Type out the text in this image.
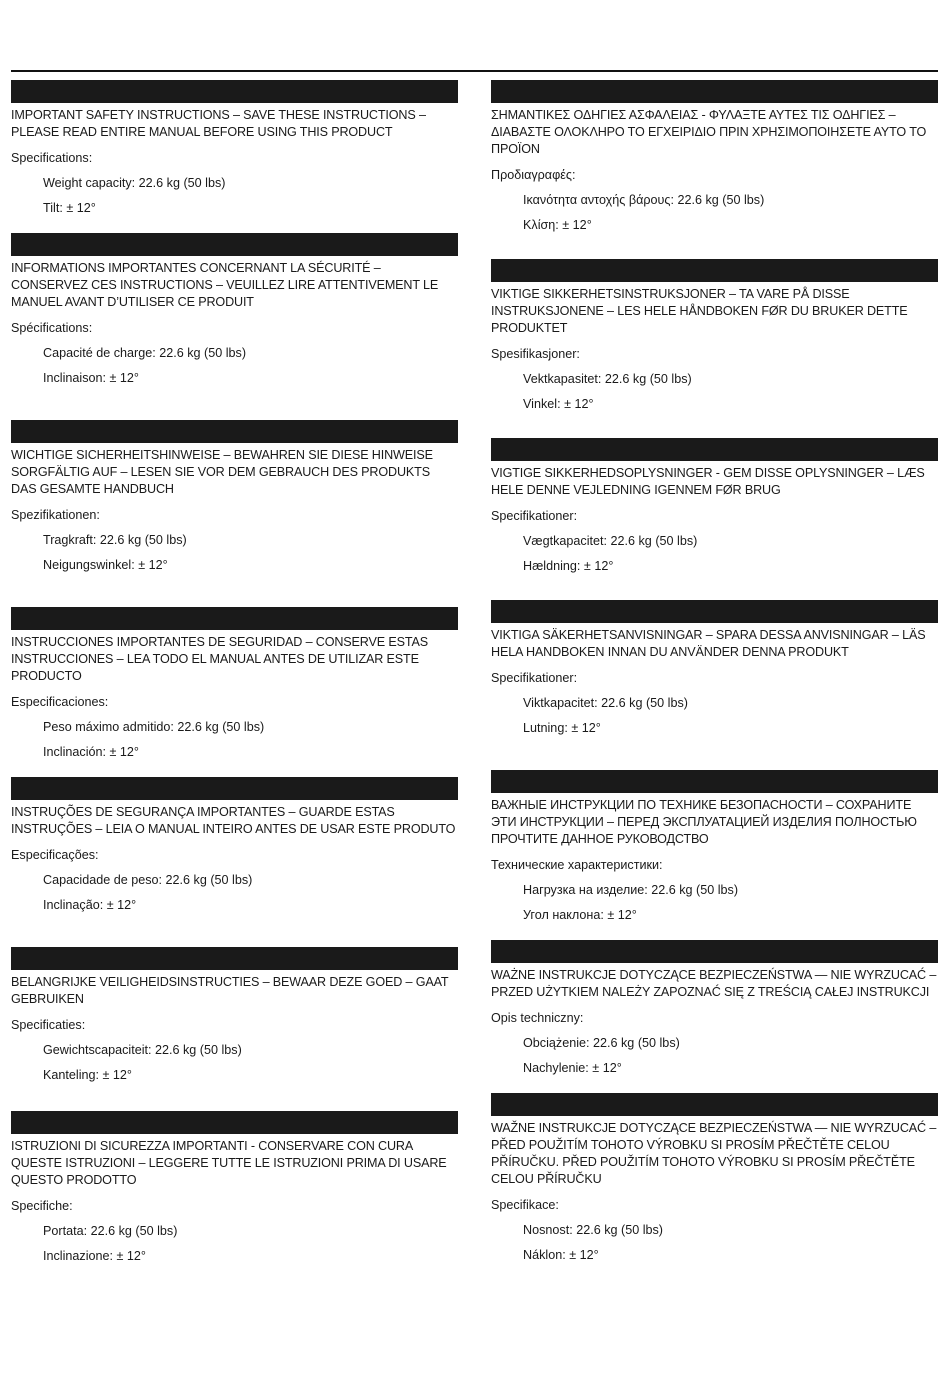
IMPORTANT SAFETY INSTRUCTIONS – SAVE THESE INSTRUCTIONS – PLEASE READ ENTIRE MANUAL BEFORE USING THIS PRODUCT

Specifications:

Weight capacity: 22.6 kg (50 lbs)

Tilt: ± 12°

INFORMATIONS IMPORTANTES CONCERNANT LA SÉCURITÉ – CONSERVEZ CES INSTRUCTIONS – VEUILLEZ LIRE ATTENTIVEMENT LE MANUEL AVANT D’UTILISER CE PRODUIT

Spécifications:

Capacité de charge: 22.6 kg (50 lbs)

Inclinaison: ± 12°

WICHTIGE SICHERHEITSHINWEISE – BEWAHREN SIE DIESE HINWEISE SORGFÄLTIG AUF – LESEN SIE VOR DEM GEBRAUCH DES PRODUKTS DAS GESAMTE HANDBUCH

Spezifikationen:

Tragkraft: 22.6 kg (50 lbs)

Neigungswinkel: ± 12°

INSTRUCCIONES IMPORTANTES DE SEGURIDAD – CONSERVE ESTAS INSTRUCCIONES – LEA TODO EL MANUAL ANTES DE UTILIZAR ESTE PRODUCTO

Especificaciones:

Peso máximo admitido: 22.6 kg (50 lbs)

Inclinación: ± 12°

INSTRUÇÕES DE SEGURANÇA IMPORTANTES – GUARDE ESTAS INSTRUÇÕES – LEIA O MANUAL INTEIRO ANTES DE USAR ESTE PRODUTO

Especificações:

Capacidade de peso: 22.6 kg (50 lbs)

Inclinação: ± 12°

BELANGRIJKE VEILIGHEIDSINSTRUCTIES – BEWAAR DEZE GOED – GAAT GEBRUIKEN

Specificaties:

Gewichtscapaciteit: 22.6 kg (50 lbs)

Kanteling: ± 12°

ISTRUZIONI DI SICUREZZA IMPORTANTI - CONSERVARE CON CURA QUESTE ISTRUZIONI – LEGGERE TUTTE LE ISTRUZIONI PRIMA DI USARE QUESTO PRODOTTO

Specifiche:

Portata: 22.6 kg (50 lbs)

Inclinazione: ± 12°

ΣΗΜΑΝΤΙΚΕΣ ΟΔΗΓΙΕΣ ΑΣΦΑΛΕΙΑΣ - ΦΥΛΑΞΤΕ ΑΥΤΕΣ ΤΙΣ ΟΔΗΓΙΕΣ – ΔΙΑΒΑΣΤΕ ΟΛΟΚΛΗΡΟ ΤΟ ΕΓΧΕΙΡΙΔΙΟ ΠΡΙΝ ΧΡΗΣΙΜΟΠΟΙΗΣΕΤΕ ΑΥΤΟ ΤΟ ΠΡΟΪΟΝ

Προδιαγραφές:

Ικανότητα αντοχής βάρους: 22.6 kg (50 lbs)

Κλίση: ± 12°

VIKTIGE SIKKERHETSINSTRUKSJONER – TA VARE PÅ DISSE INSTRUKSJONENE – LES HELE HÅNDBOKEN FØR DU BRUKER DETTE PRODUKTET

Spesifikasjoner:

Vektkapasitet: 22.6 kg (50 lbs)

Vinkel: ± 12°

VIGTIGE SIKKERHEDSOPLYSNINGER - GEM DISSE OPLYSNINGER – LÆS HELE DENNE VEJLEDNING IGENNEM FØR BRUG

Specifikationer:

Vægtkapacitet: 22.6 kg (50 lbs)

Hældning: ± 12°

VIKTIGA SÄKERHETSANVISNINGAR – SPARA DESSA ANVISNINGAR – LÄS HELA HANDBOKEN INNAN DU ANVÄNDER DENNA PRODUKT

Specifikationer:

Viktkapacitet: 22.6 kg (50 lbs)

Lutning: ± 12°

ВАЖНЫЕ ИНСТРУКЦИИ ПО ТЕХНИКЕ БЕЗОПАСНОСТИ – СОХРАНИТЕ ЭТИ ИНСТРУКЦИИ – ПЕРЕД ЭКСПЛУАТАЦИЕЙ ИЗДЕЛИЯ ПОЛНОСТЬЮ ПРОЧТИТЕ ДАННОЕ РУКОВОДСТВО

Технические характеристики:

Нагрузка на изделие: 22.6 kg (50 lbs)

Угол наклона: ± 12°

WAŻNE INSTRUKCJE DOTYCZĄCE BEZPIECZEŃSTWA — NIE WYRZUCAĆ – PRZED UŻYTKIEM NALEŻY ZAPOZNAĆ SIĘ Z TREŚCIĄ CAŁEJ INSTRUKCJI

Opis techniczny:

Obciążenie: 22.6 kg (50 lbs)

Nachylenie: ± 12°

WAŽNE INSTRUKCJE DOTYCZĄCE BEZPIECZEŃSTWA — NIE WYRZUCAĆ – PŘED POUŽITÍM TOHOTO VÝROBKU SI PROSÍM PŘEČTĚTE CELOU PŘÍRUČKU. PŘED POUŽITÍM TOHOTO VÝROBKU SI PROSÍM PŘEČTĚTE CELOU PŘÍRUČKU

Specifikace:

Nosnost: 22.6 kg (50 lbs)

Náklon: ± 12°
